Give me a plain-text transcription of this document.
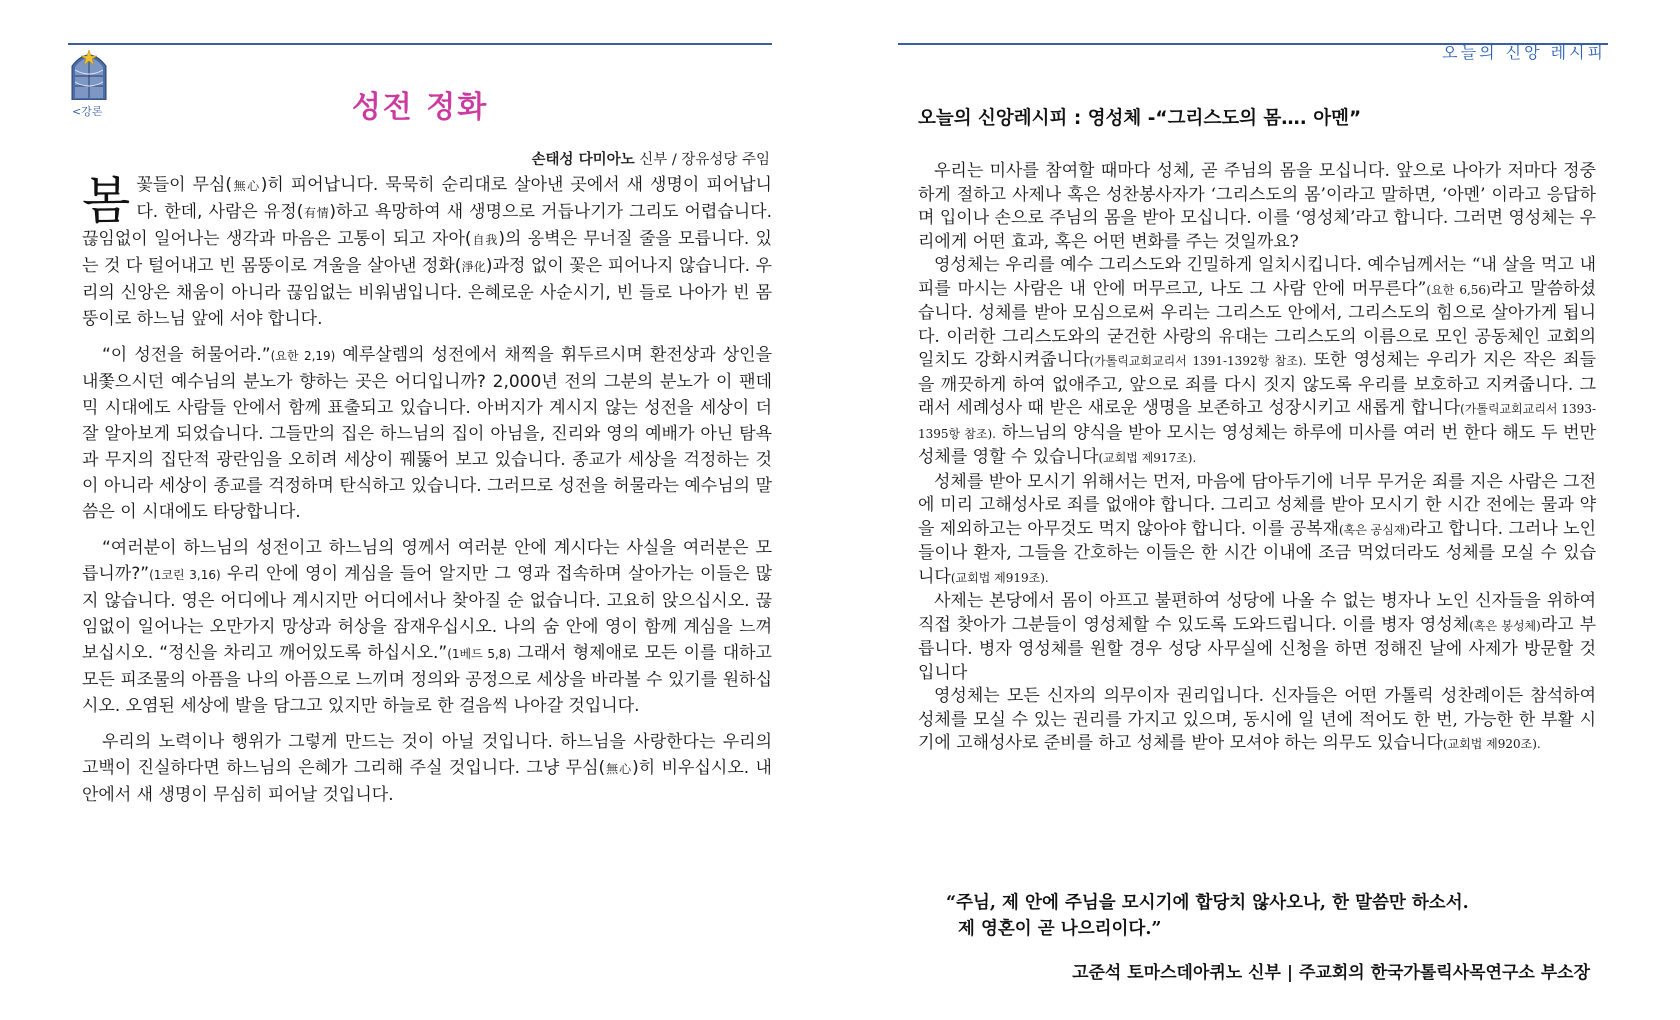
<강론	성전 정화
손태성 다미아노 신부 / 장유성당 주임

봄꽃들이 무심(無心)히 피어납니다. 묵묵히 순리대로 살아낸 곳에서 새 생명이 피어납니다. 한데, 사람은 유정(有情)하고 욕망하여 새 생명으로 거듭나기가 그리도 어렵습니다. 끊임없이 일어나는 생각과 마음은 고통이 되고 자아(自我)의 옹벽은 무너질 줄을 모릅니다. 있는 것 다 털어내고 빈 몸뚱이로 겨울을 살아낸 정화(淨化)과정 없이 꽃은 피어나지 않습니다. 우리의 신앙은 채움이 아니라 끊임없는 비워냄입니다. 은혜로운 사순시기, 빈 들로 나아가 빈 몸뚱이로 하느님 앞에 서야 합니다.

“이 성전을 허물어라.”(요한 2,19) 예루살렘의 성전에서 채찍을 휘두르시며 환전상과 상인을 내쫓으시던 예수님의 분노가 향하는 곳은 어디입니까? 2,000년 전의 그분의 분노가 이 팬데믹 시대에도 사람들 안에서 함께 표출되고 있습니다. 아버지가 계시지 않는 성전을 세상이 더 잘 알아보게 되었습니다. 그들만의 집은 하느님의 집이 아님을, 진리와 영의 예배가 아닌 탐욕과 무지의 집단적 광란임을 오히려 세상이 꿰뚫어 보고 있습니다. 종교가 세상을 걱정하는 것이 아니라 세상이 종교를 걱정하며 탄식하고 있습니다. 그러므로 성전을 허물라는 예수님의 말씀은 이 시대에도 타당합니다.

“여러분이 하느님의 성전이고 하느님의 영께서 여러분 안에 계시다는 사실을 여러분은 모릅니까?”(1코린 3,16) 우리 안에 영이 계심을 들어 알지만 그 영과 접속하며 살아가는 이들은 많지 않습니다. 영은 어디에나 계시지만 어디에서나 찾아질 순 없습니다. 고요히 앉으십시오. 끊임없이 일어나는 오만가지 망상과 허상을 잠재우십시오. 나의 숨 안에 영이 함께 계심을 느껴 보십시오. “정신을 차리고 깨어있도록 하십시오.”(1베드 5,8) 그래서 형제애로 모든 이를 대하고 모든 피조물의 아픔을 나의 아픔으로 느끼며 정의와 공정으로 세상을 바라볼 수 있기를 원하십시오. 오염된 세상에 발을 담그고 있지만 하늘로 한 걸음씩 나아갈 것입니다.

우리의 노력이나 행위가 그렇게 만드는 것이 아닐 것입니다. 하느님을 사랑한다는 우리의 고백이 진실하다면 하느님의 은혜가 그리해 주실 것입니다. 그냥 무심(無心)히 비우십시오. 내 안에서 새 생명이 무심히 피어날 것입니다.

오늘의 신앙 레시피
오늘의 신앙레시피 : 영성체 -“그리스도의 몸…. 아멘”

우리는 미사를 참여할 때마다 성체, 곧 주님의 몸을 모십니다. 앞으로 나아가 저마다 정중하게 절하고 사제나 혹은 성찬봉사자가 ‘그리스도의 몸’이라고 말하면, ‘아멘’ 이라고 응답하며 입이나 손으로 주님의 몸을 받아 모십니다. 이를 ‘영성체’라고 합니다. 그러면 영성체는 우리에게 어떤 효과, 혹은 어떤 변화를 주는 것일까요?

영성체는 우리를 예수 그리스도와 긴밀하게 일치시킵니다. 예수님께서는 “내 살을 먹고 내 피를 마시는 사람은 내 안에 머무르고, 나도 그 사람 안에 머무른다”(요한 6,56)라고 말씀하셨습니다. 성체를 받아 모심으로써 우리는 그리스도 안에서, 그리스도의 힘으로 살아가게 됩니다. 이러한 그리스도와의 굳건한 사랑의 유대는 그리스도의 이름으로 모인 공동체인 교회의 일치도 강화시켜줍니다(가톨릭교회교리서 1391-1392항 참조). 또한 영성체는 우리가 지은 작은 죄들을 깨끗하게 하여 없애주고, 앞으로 죄를 다시 짓지 않도록 우리를 보호하고 지켜줍니다. 그래서 세례성사 때 받은 새로운 생명을 보존하고 성장시키고 새롭게 합니다(가톨릭교회교리서 1393-1395항 참조). 하느님의 양식을 받아 모시는 영성체는 하루에 미사를 여러 번 한다 해도 두 번만 성체를 영할 수 있습니다(교회법 제917조).

성체를 받아 모시기 위해서는 먼저, 마음에 담아두기에 너무 무거운 죄를 지은 사람은 그전에 미리 고해성사로 죄를 없애야 합니다. 그리고 성체를 받아 모시기 한 시간 전에는 물과 약을 제외하고는 아무것도 먹지 않아야 합니다. 이를 공복재(혹은 공심재)라고 합니다. 그러나 노인들이나 환자, 그들을 간호하는 이들은 한 시간 이내에 조금 먹었더라도 성체를 모실 수 있습니다(교회법 제919조).

사제는 본당에서 몸이 아프고 불편하여 성당에 나올 수 없는 병자나 노인 신자들을 위하여 직접 찾아가 그분들이 영성체할 수 있도록 도와드립니다. 이를 병자 영성체(혹은 봉성체)라고 부릅니다. 병자 영성체를 원할 경우 성당 사무실에 신청을 하면 정해진 날에 사제가 방문할 것입니다

영성체는 모든 신자의 의무이자 권리입니다. 신자들은 어떤 가톨릭 성찬례이든 참석하여 성체를 모실 수 있는 권리를 가지고 있으며, 동시에 일 년에 적어도 한 번, 가능한 한 부활 시기에 고해성사로 준비를 하고 성체를 받아 모셔야 하는 의무도 있습니다(교회법 제920조).

“주님, 제 안에 주님을 모시기에 합당치 않사오나, 한 말씀만 하소서.
제 영혼이 곧 나으리이다.”
고준석 토마스데아퀴노 신부 | 주교회의 한국가톨릭사목연구소 부소장
